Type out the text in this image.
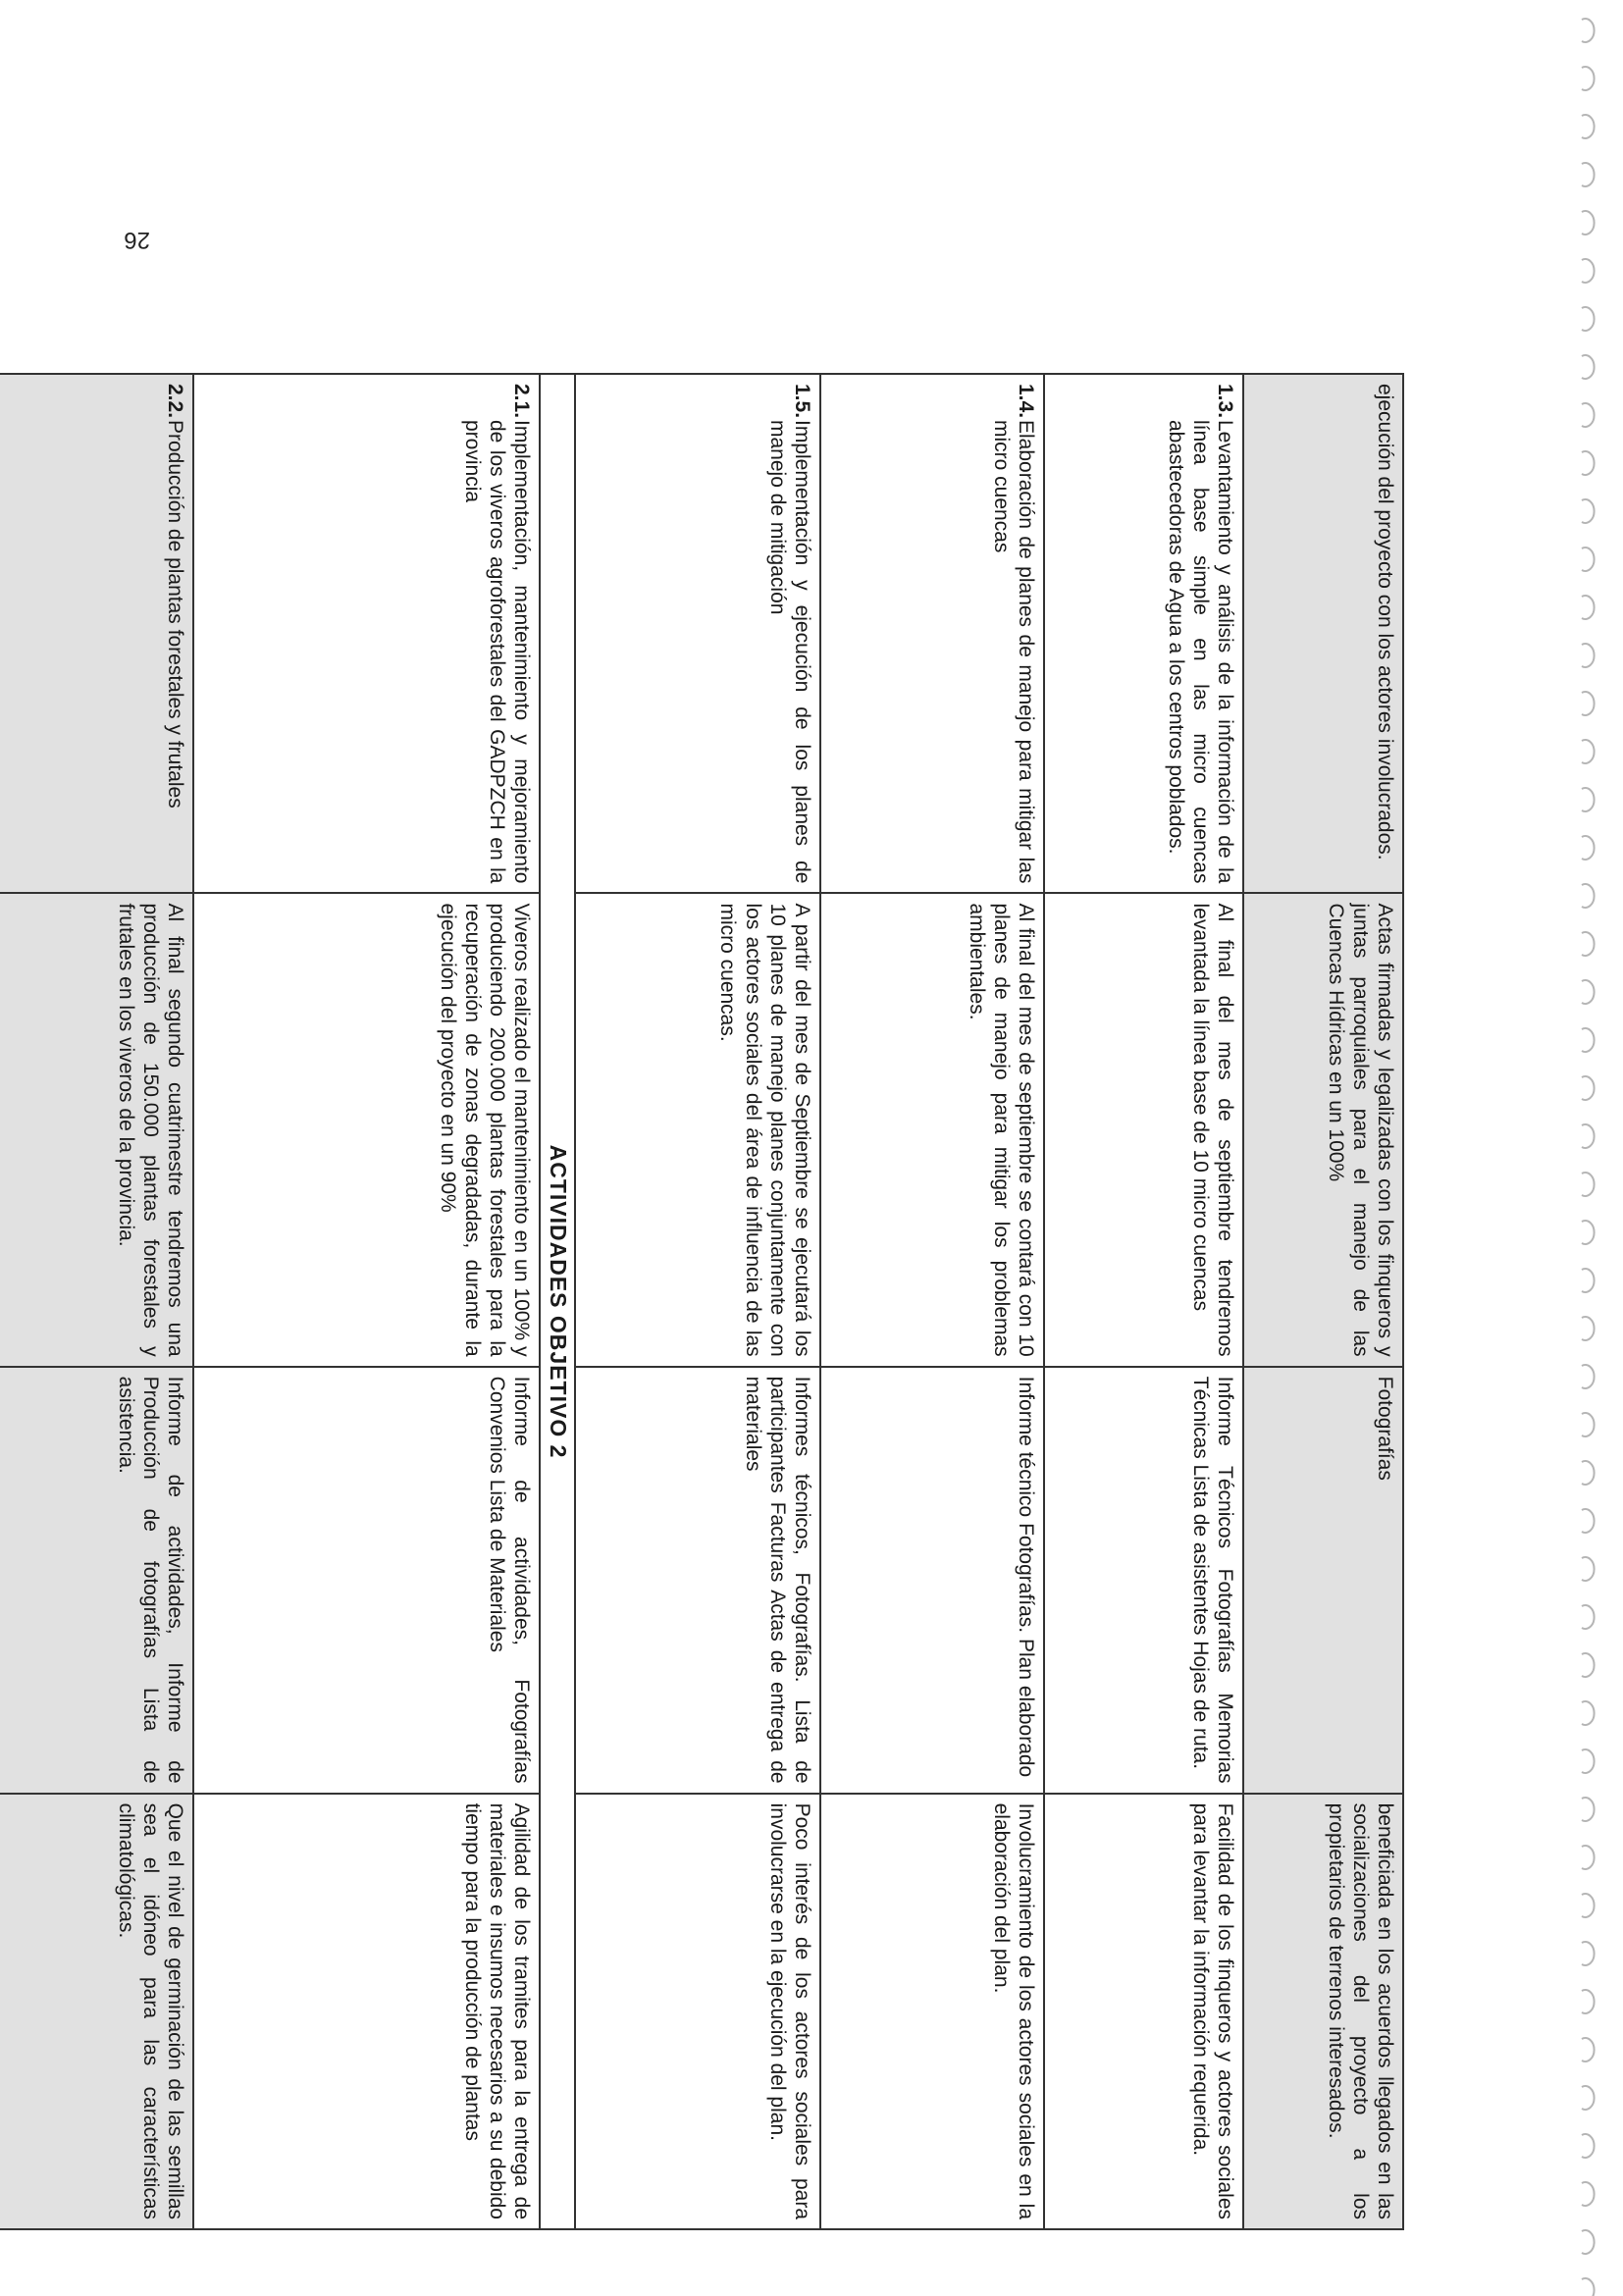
26
ejecución del proyecto con los actores involucrados.	Actas firmadas y legalizadas con los finqueros y juntas parroquiales para el manejo de las Cuencas Hídricas en un 100%	Fotografías	beneficiada en los acuerdos llegados en las socializaciones del proyecto a los propietarios de terrenos interesados.
1.3.Levantamiento y análisis de la información de la línea base simple en las micro cuencas abastecedoras de Agua a los centros poblados.	Al final del mes de septiembre tendremos levantada la línea base de 10 micro cuencas	Informe Técnicos Fotografías Memorias Técnicas Lista de asistentes Hojas de ruta.	Facilidad de los finqueros y actores sociales para levantar la información requerida.
1.4.Elaboración de planes de manejo para mitigar las micro cuencas	Al final del mes de septiembre se contará con 10 planes de manejo para mitigar los problemas ambientales.	Informe técnico Fotografías. Plan elaborado	Involucramiento de los actores sociales en la elaboración del plan.
1.5.Implementación y ejecución de los planes de manejo de mitigación	A partir del mes de Septiembre se ejecutará los 10 planes de manejo planes conjuntamente con los actores sociales del área de influencia de las micro cuencas.	Informes técnicos, Fotografías. Lista de participantes Facturas Actas de entrega de materiales	Poco interés de los actores sociales para involucrarse en la ejecución del plan.
ACTIVIDADES OBJETIVO 2			
2.1.Implementación, mantenimiento y mejoramiento de los viveros agroforestales del GADPZCH en la provincia	Viveros realizado el mantenimiento en un 100% y produciendo 200.000 plantas forestales para la recuperación de zonas degradadas, durante la ejecución del proyecto en un 90%	Informe de actividades, Fotografías Convenios Lista de Materiales	Agilidad de los tramites para la entrega de materiales e insumos necesarios a su debido tiempo para la producción de plantas
2.2.Producción de plantas forestales y frutales	Al final segundo cuatrimestre tendremos una producción de 150.000 plantas forestales y frutales en los viveros de la provincia.	Informe de actividades, Informe de Producción de fotografías Lista de asistencia.	Que el nivel de germinación de las semillas sea el idóneo para las características climatológicas.
